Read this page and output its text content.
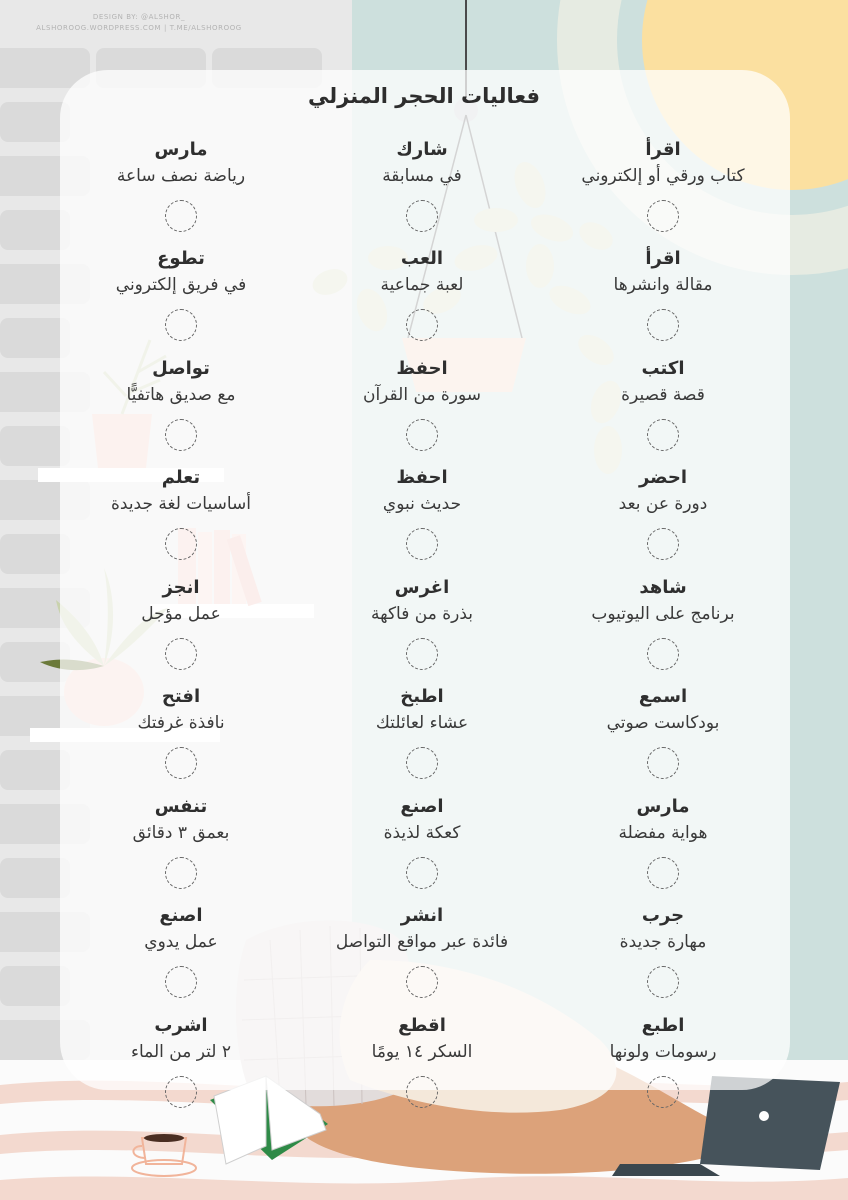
DESIGN BY: @ALSHOR_
ALSHOROOG.WORDPRESS.COM | T.ME/ALSHOROOG
فعاليات الحجر المنزلي
اقرأ
كتاب ورقي أو إلكتروني
اقرأ
مقالة وانشرها
اكتب
قصة قصيرة
احضر
دورة عن بعد
شاهد
برنامج على اليوتيوب
اسمع
بودكاست صوتي
مارس
هواية مفضلة
جرب
مهارة جديدة
اطبع
رسومات ولونها
شارك
في مسابقة
العب
لعبة جماعية
احفظ
سورة من القرآن
احفظ
حديث نبوي
اغرس
بذرة من فاكهة
اطبخ
عشاء لعائلتك
اصنع
كعكة لذيذة
انشر
فائدة عبر مواقع التواصل
اقطع
السكر ١٤ يومًا
مارس
رياضة نصف ساعة
تطوع
في فريق إلكتروني
تواصل
مع صديق هاتفيًّا
تعلم
أساسيات لغة جديدة
انجز
عمل مؤجل
افتح
نافذة غرفتك
تنفس
بعمق ٣ دقائق
اصنع
عمل يدوي
اشرب
٢ لتر من الماء
